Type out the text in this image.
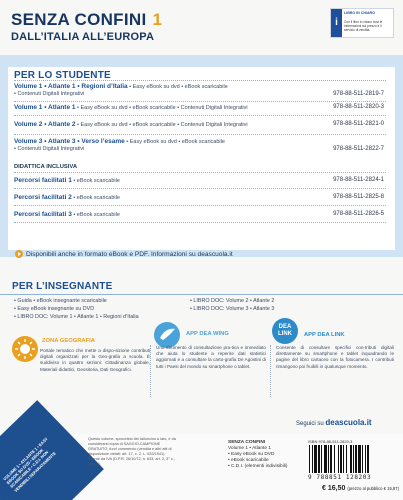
SENZA CONFINI 1
DALL’ITALIA ALL’EUROPA
i
LIBRO IN CHIARO
Con il libro in chiaro trovi le informazioni sul prezzo e il servizio di vendita.
PER LO STUDENTE
Volume 1 • Atlante 1 • Regioni d’Italia • Easy eBook su dvd • eBook scaricabile
• Contenuti Digitali Integrativi	978-88-511-2819-7
Volume 1 • Atlante 1 • Easy eBook su dvd • eBook scaricabile • Contenuti Digitali Integrativi	978-88-511-2820-3
Volume 2 • Atlante 2 • Easy eBook su dvd • eBook scaricabile • Contenuti Digitali Integrativi	978-88-511-2821-0
Volume 3 • Atlante 3 • Verso l’esame • Easy eBook su dvd • eBook scaricabile
• Contenuti Digitali Integrativi	978-88-511-2822-7
DIDATTICA INCLUSIVA
Percorsi facilitati 1 • eBook scaricabile	978-88-511-2824-1
Percorsi facilitati 2 • eBook scaricabile	978-88-511-2825-8
Percorsi facilitati 3 • eBook scaricabile	978-88-511-2826-5
Disponibili anche in formato eBook e PDF. Informazioni su deascuola.it
PER L’INSEGNANTE
• Guida • eBook insegnante scaricabile
• Easy eBook insegnante su DVD
• LIBRO DOC: Volume 1 • Atlante 1 • Regioni d’Italia
• LIBRO DOC: Volume 2 • Atlante 2
• LIBRO DOC: Volume 3 • Atlante 3
ZONA GEOGRAFIA
Portale tematico che mette a dispo-sizione contributi digitali organizzati per la Geo-grafia a scuola. È suddiviso in quattro sezioni: Cittadinanza globale, Materiali didattici, Geositoria, Dati Geografici.
APP DEA WING
Uno strumento di consultazione pra-tica e immediato che aiuta lo studente a reperire dati statistici aggiornati e a consultare la carto-grafia De Agostini di tutti i Paesi del mondo su smartphone o tablet.
DEA
LINK	APP DEA LINK
Consente di consultare specifici con-tributi digitali direttamente su smartphone e tablet inquadrando le pagine del libro cartaceo con la fotocamera. I contributi rimangono poi fruibili in qualunque momento.
Seguici su deascuola.it
VOLUME 1 • ATLANTE 1 • EASY EBOOK SU DVD • EBOOK SCARICABILE • C.D.I. NON VENDIBILI SEPARATAMENTE
Questo volume, sprovvisto del talloncino a lato, è da considerarsi copia di SAGGIO-CAMPIONE GRATUITO, fuori commercio (vendita e altri atti di disposizione vietati: art. 17, c. 2, L. 633/1941). Esente da IVA (D.P.R. 26/10/72, n. 633, art. 2, 3° c., lett. d.).
SENZA CONFINI
Volume 1 • Atlante 1
• Easy eBook su DVD
• eBook scaricabile
• C.D.I. (elementi indivisibili)
ISBN 978-88-511-2820-3
9 788851 128203
€ 16,50 (prezzo al pubblico € 15,87)
